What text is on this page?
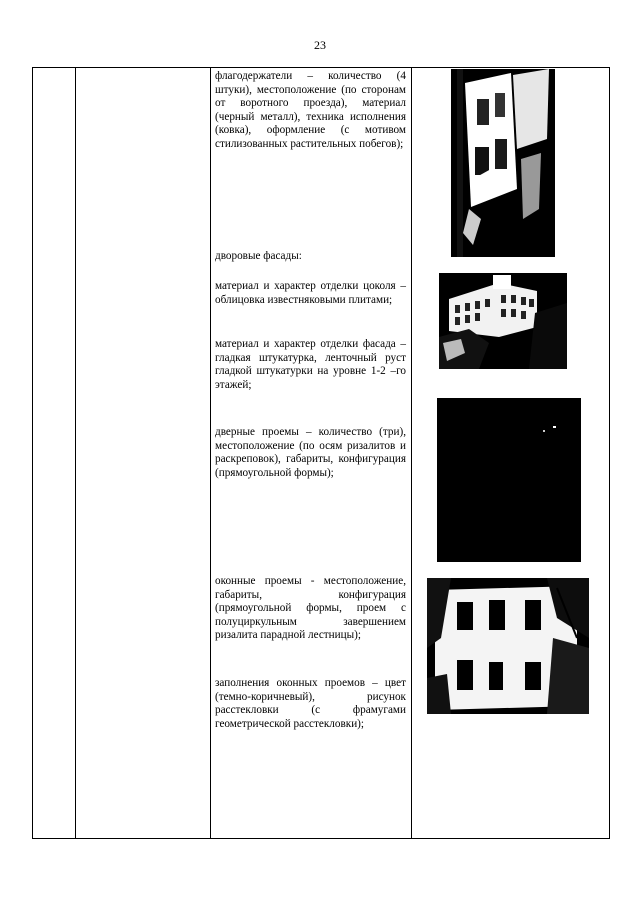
23

флагодержатели – количество (4 штуки), местоположение (по сторонам от воротного проезда), материал (черный металл), техника исполнения (ковка), оформление (с мотивом стилизованных растительных побегов);

дворовые фасады:

материал и характер отделки цоколя – облицовка известняковыми плитами;

материал и характер отделки фасада – гладкая штукатурка, ленточный руст гладкой штукатурки на уровне 1-2 –го этажей;

дверные проемы – количество (три), местоположение (по осям ризалитов и раскреповок), габариты, конфигурация (прямоугольной формы);

оконные проемы - местоположение, габариты, конфигурация (прямоугольной формы, проем с полуциркульным завершением ризалита парадной лестницы);

заполнения оконных проемов – цвет (темно-коричневый), рисунок расстекловки (с фрамугами геометрической расстекловки);
